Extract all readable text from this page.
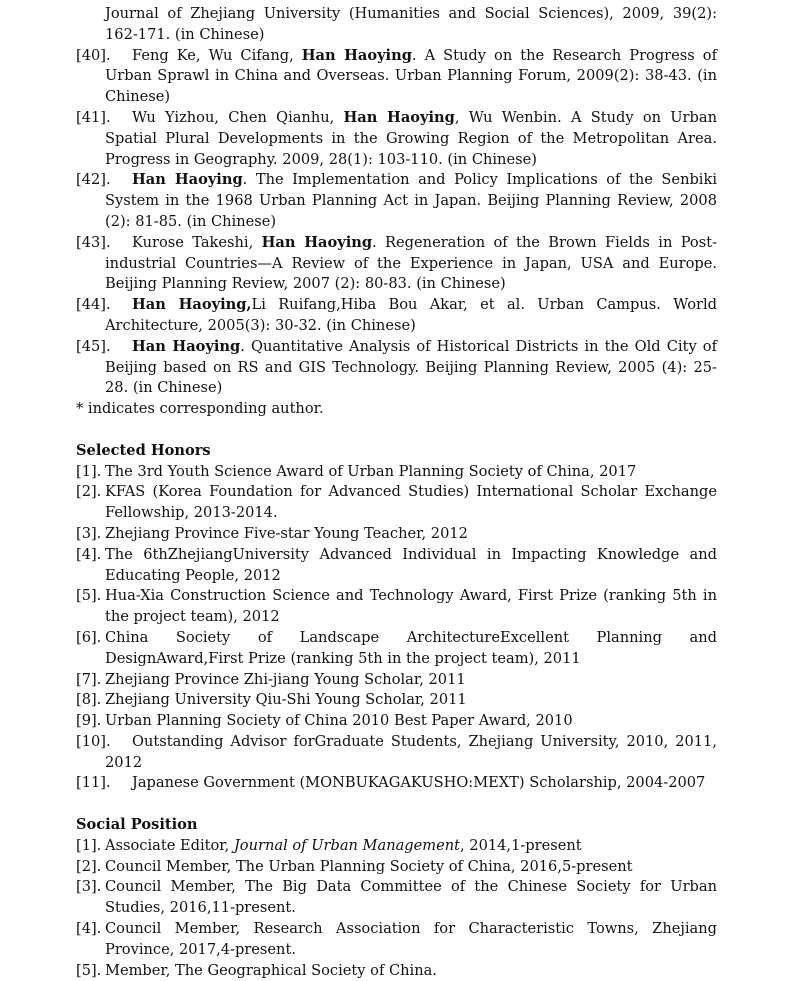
Journal of Zhejiang University (Humanities and Social Sciences), 2009, 39(2): 162-171. (in Chinese)
[40].	Feng Ke, Wu Cifang, Han Haoying. A Study on the Research Progress of Urban Sprawl in China and Overseas. Urban Planning Forum, 2009(2): 38-43. (in Chinese)
[41].	Wu Yizhou, Chen Qianhu, Han Haoying, Wu Wenbin. A Study on Urban Spatial Plural Developments in the Growing Region of the Metropolitan Area. Progress in Geography. 2009, 28(1): 103-110. (in Chinese)
[42].	Han Haoying. The Implementation and Policy Implications of the Senbiki System in the 1968 Urban Planning Act in Japan. Beijing Planning Review, 2008 (2): 81-85. (in Chinese)
[43].	Kurose Takeshi, Han Haoying. Regeneration of the Brown Fields in Post-industrial Countries—A Review of the Experience in Japan, USA and Europe. Beijing Planning Review, 2007 (2): 80-83. (in Chinese)
[44].	Han Haoying,Li Ruifang,Hiba Bou Akar, et al. Urban Campus. World Architecture, 2005(3): 30-32. (in Chinese)
[45].	Han Haoying. Quantitative Analysis of Historical Districts in the Old City of Beijing based on RS and GIS Technology. Beijing Planning Review, 2005 (4): 25-28. (in Chinese)
* indicates corresponding author.
Selected Honors
[1]. The 3rd Youth Science Award of Urban Planning Society of China, 2017
[2]. KFAS (Korea Foundation for Advanced Studies) International Scholar Exchange Fellowship, 2013-2014.
[3]. Zhejiang Province Five-star Young Teacher, 2012
[4]. The 6thZhejiangUniversity Advanced Individual in Impacting Knowledge and Educating People, 2012
[5]. Hua-Xia Construction Science and Technology Award, First Prize (ranking 5th in the project team), 2012
[6]. China Society of Landscape ArchitectureExcellent Planning and DesignAward,First Prize (ranking 5th in the project team), 2011
[7]. Zhejiang Province Zhi-jiang Young Scholar, 2011
[8]. Zhejiang University Qiu-Shi Young Scholar, 2011
[9]. Urban Planning Society of China 2010 Best Paper Award, 2010
[10].	Outstanding Advisor forGraduate Students, Zhejiang University, 2010, 2011, 2012
[11].	Japanese Government (MONBUKAGAKUSHO:MEXT) Scholarship, 2004-2007
Social Position
[1]. Associate Editor, Journal of Urban Management, 2014,1-present
[2]. Council Member, The Urban Planning Society of China, 2016,5-present
[3]. Council Member, The Big Data Committee of the Chinese Society for Urban Studies, 2016,11-present.
[4]. Council Member, Research Association for Characteristic Towns, Zhejiang Province, 2017,4-present.
[5]. Member, The Geographical Society of China.
